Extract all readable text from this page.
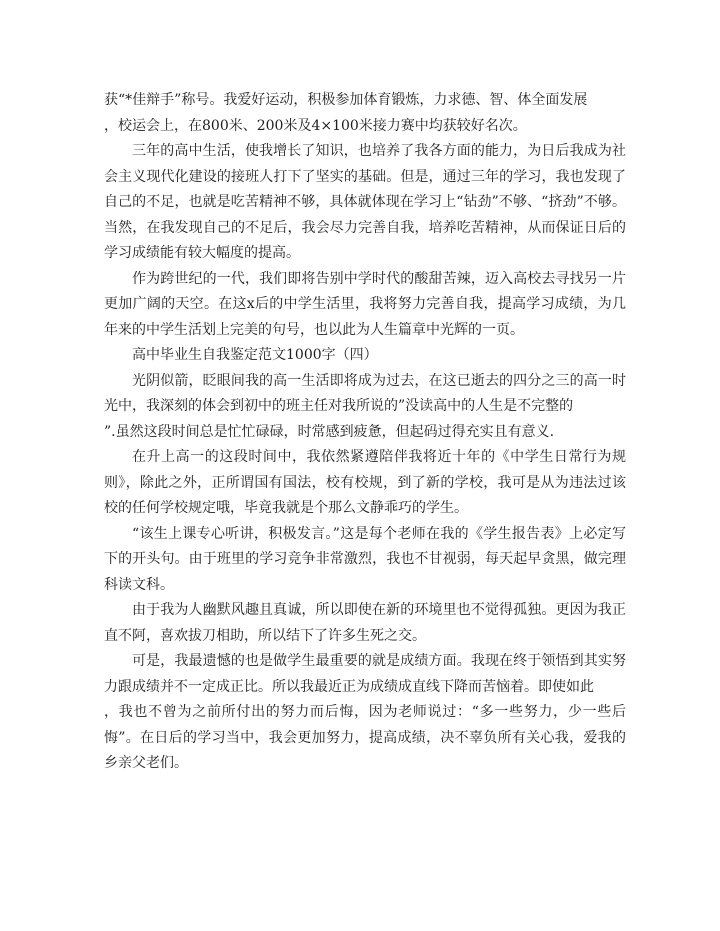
获“*佳辩手”称号。我爱好运动，积极参加体育锻炼，力求德、智、体全面发展
，校运会上，在800米、200米及4×100米接力赛中均获较好名次。

三年的高中生活，使我增长了知识，也培养了我各方面的能力，为日后我成为社会主义现代化建设的接班人打下了坚实的基础。但是，通过三年的学习，我也发现了自己的不足，也就是吃苦精神不够，具体就体现在学习上“钻劲”不够、“挤劲”不够。当然，在我发现自己的不足后，我会尽力完善自我，培养吃苦精神，从而保证日后的学习成绩能有较大幅度的提高。

作为跨世纪的一代，我们即将告别中学时代的酸甜苦辣，迈入高校去寻找另一片更加广阔的天空。在这x后的中学生活里，我将努力完善自我，提高学习成绩，为几年来的中学生活划上完美的句号，也以此为人生篇章中光辉的一页。

高中毕业生自我鉴定范文1000字（四）

光阴似箭，眨眼间我的高一生活即将成为过去，在这已逝去的四分之三的高一时光中，我深刻的体会到初中的班主任对我所说的”没读高中的人生是不完整的
”.虽然这段时间总是忙忙碌碌，时常感到疲惫，但起码过得充实且有意义.

在升上高一的这段时间中，我依然紧遵陪伴我将近十年的《中学生日常行为规则》，除此之外，正所谓国有国法，校有校规，到了新的学校，我可是从为违法过该校的任何学校规定哦，毕竟我就是个那么文静乖巧的学生。

“该生上课专心听讲，积极发言。”这是每个老师在我的《学生报告表》上必定写下的开头句。由于班里的学习竞争非常激烈，我也不甘视弱，每天起早贪黑，做完理科读文科。

由于我为人幽默风趣且真诚，所以即使在新的环境里也不觉得孤独。更因为我正直不阿，喜欢拔刀相助，所以结下了许多生死之交。

可是，我最遗憾的也是做学生最重要的就是成绩方面。我现在终于领悟到其实努力跟成绩并不一定成正比。所以我最近正为成绩成直线下降而苦恼着。即使如此
，我也不曾为之前所付出的努力而后悔，因为老师说过：“多一些努力，少一些后悔”。在日后的学习当中，我会更加努力，提高成绩，决不辜负所有关心我，爱我的乡亲父老们。
